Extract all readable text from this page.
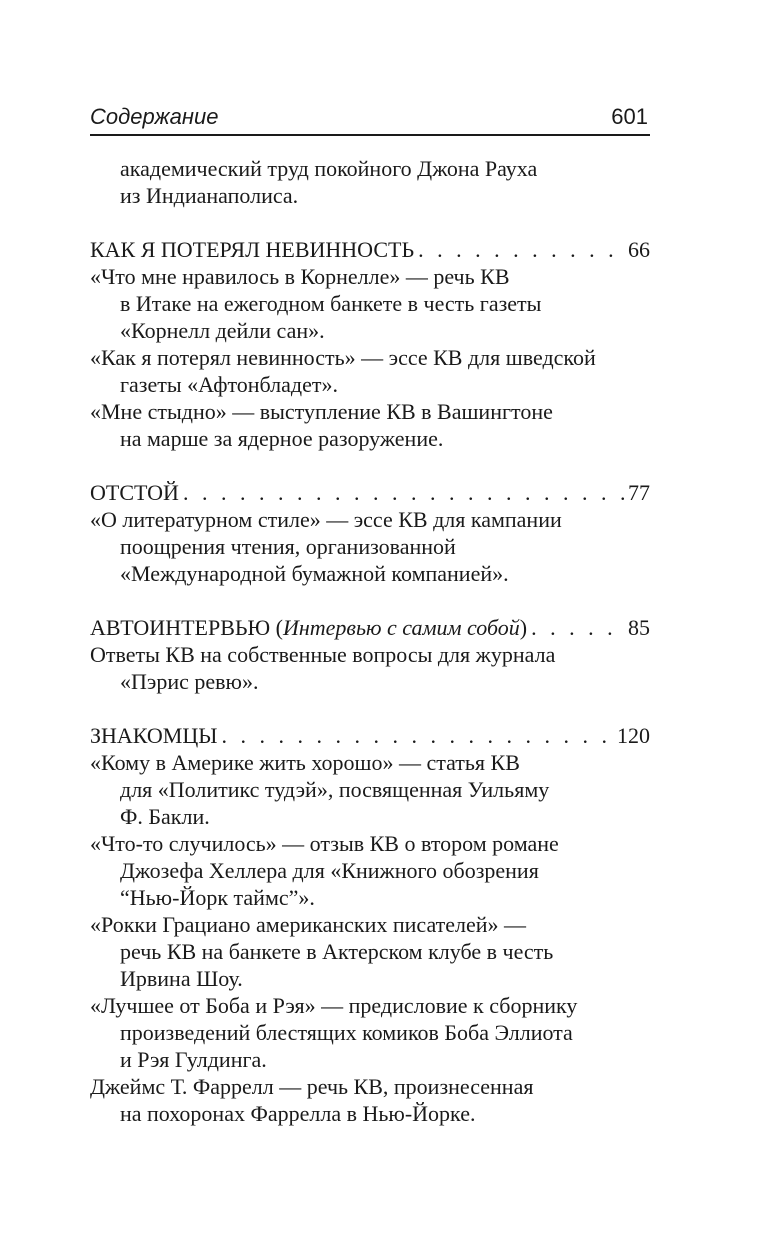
Содержание	601
академический труд покойного Джона Рауха
из Индианаполиса.
КАК Я ПОТЕРЯЛ НЕВИННОСТЬ . . .	66
«Что мне нравилось в Корнелле» — речь КВ
в Итаке на ежегодном банкете в честь газеты
«Корнелл дейли сан».
«Как я потерял невинность» — эссе КВ для шведской
газеты «Афтонбладет».
«Мне стыдно» — выступление КВ в Вашингтоне
на марше за ядерное разоружение.
ОТСТОЙ . . .	77
«О литературном стиле» — эссе КВ для кампании
поощрения чтения, организованной
«Международной бумажной компанией».
АВТОИНТЕРВЬЮ (Интервью с самим собой) . . .	85
Ответы КВ на собственные вопросы для журнала
«Пэрис ревю».
ЗНАКОМЦЫ . . .	120
«Кому в Америке жить хорошо» — статья КВ
для «Политикс тудэй», посвященная Уильяму
Ф. Бакли.
«Что-то случилось» — отзыв КВ о втором романе
Джозефа Хеллера для «Книжного обозрения
“Нью-Йорк таймс”».
«Рокки Грациано американских писателей» —
речь КВ на банкете в Актерском клубе в честь
Ирвина Шоу.
«Лучшее от Боба и Рэя» — предисловие к сборнику
произведений блестящих комиков Боба Эллиота
и Рэя Гулдинга.
Джеймс Т. Фаррелл — речь КВ, произнесенная
на похоронах Фаррелла в Нью-Йорке.
